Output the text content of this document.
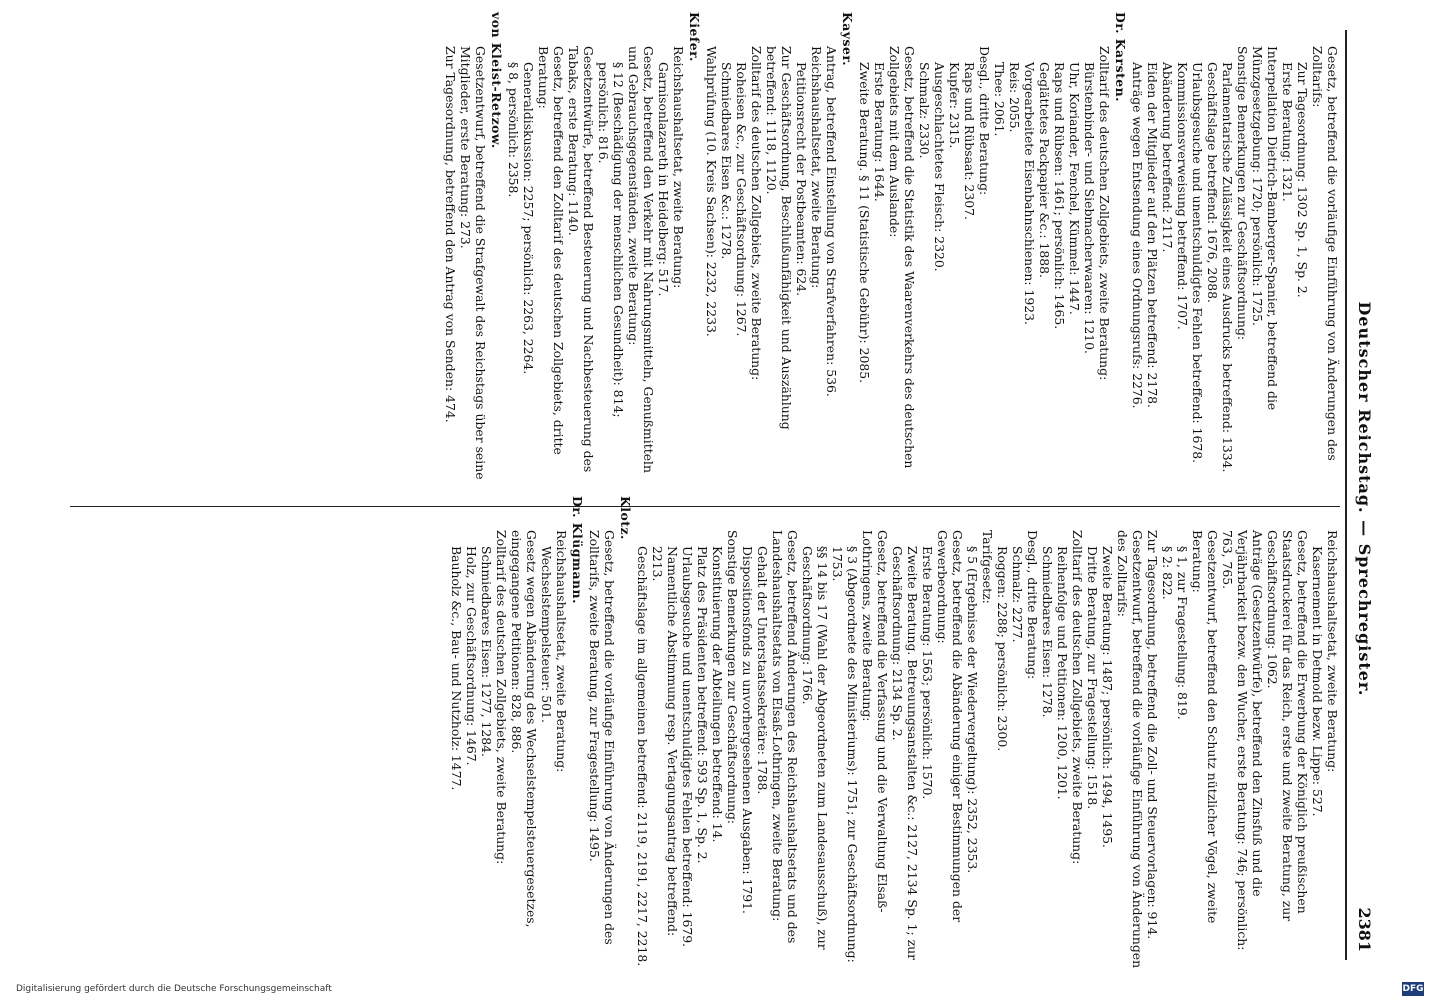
Deutscher Reichstag. — Sprechregister.
2381
Gesetz, betreffend die vorläufige Einführung von Änderungen des Zolltarifs:
Zur Tagesordnung: 1302 Sp. 1, Sp. 2.
Erste Beratung: 1321.
Interpellation Dietrich-Bamberger-Spanier, betreffend die Münzgesetzgebung: 1720; persönlich: 1725.
Sonstige Bemerkungen zur Geschäftsordnung:
Parlamentarische Zulässigkeit eines Ausdrucks betreffend: 1334.
Geschäftslage betreffend: 1676, 2088.
Urlaubsgesuche und unentschuldigtes Fehlen betreffend: 1678.
Kommissionsverweisung betreffend: 1707.
Abänderung betreffend: 2117.
Eiden der Mitglieder auf den Plätzen betreffend: 2178.
Anträge wegen Entsendung eines Ordnungsrufs: 2276.
Dr. Karsten.
Zolltarif des deutschen Zollgebiets, zweite Beratung:
Bürstenbinder- und Siebmacherwaaren: 1210.
Uhr, Koriander, Fenchel, Kümmel: 1447.
Raps und Rübsen: 1461; persönlich: 1465.
Geglättetes Packpapier &c.: 1888.
Vorgearbeitete Eisenbahnschienen: 1923.
Reis: 2055.
Thee: 2061.
Desgl., dritte Beratung:
Raps und Rübsaat: 2307.
Kupfer: 2315.
Ausgeschlachtetes Fleisch: 2320.
Schmalz: 2330.
Gesetz, betreffend die Statistik des Waarenverkehrs des deutschen Zollgebiets mit dem Auslande:
Erste Beratung: 1644.
Zweite Beratung. § 11 (Statistische Gebühr): 2085.
Kayser.
Antrag, betreffend Einstellung von Strafverfahren: 536.
Reichshaushaltsetat, zweite Beratung:
Petitionsrecht der Postbeamten: 624.
Zur Geschäftsordnung, Beschlußunfähigkeit und Auszählung betreffend: 1118, 1120.
Zolltarif des deutschen Zollgebiets, zweite Beratung:
Roheisen &c., zur Geschäftsordnung: 1267.
Schmiedbares Eisen &c.: 1278.
Wahlprüfung (10. Kreis Sachsen): 2232, 2233.
Kiefer.
Reichshaushaltsetat, zweite Beratung:
Garnisonlazareth in Heidelberg: 517.
Gesetz, betreffend den Verkehr mit Nahrungsmitteln, Genußmitteln und Gebrauchsgegenständen, zweite Beratung:
§ 12 (Beschädigung der menschlichen Gesundheit): 814; persönlich: 816.
Gesetzentwürfe, betreffend Besteuerung und Nachbesteuerung des Tabaks, erste Beratung: 1140.
Gesetz, betreffend den Zolltarif des deutschen Zollgebiets, dritte Beratung:
Generaldiskussion: 2257; persönlich: 2263, 2264.
§ 8, persönlich: 2358.
von Kleist-Retzow.
Gesetzentwurf, betreffend die Strafgewalt des Reichstags über seine Mitglieder, erste Beratung: 273.
Zur Tagesordnung, betreffend den Antrag von Senden: 474.
Reichshaushaltsetat, zweite Beratung:
Kasernement in Detmold bezw. Lippe: 527.
Gesetz, betreffend die Erwerbung der Königlich preußischen Staatsdruckerei für das Reich, erste und zweite Beratung, zur Geschäftsordnung: 1062.
Anträge (Gesetzentwürfe), betreffend den Zinsfuß und die Verjährbarkeit bezw. den Wucher, erste Beratung: 746; persönlich: 763, 765.
Gesetzentwurf, betreffend den Schutz nützlicher Vögel, zweite Beratung:
§ 1, zur Fragestellung: 819.
§ 2: 822.
Zur Tagesordnung, betreffend die Zoll- und Steuervorlagen: 914.
Gesetzentwurf, betreffend die vorläufige Einführung von Änderungen des Zolltarifs:
Zweite Beratung: 1487; persönlich: 1494, 1495.
Dritte Beratung, zur Fragestellung: 1518.
Zolltarif des deutschen Zollgebiets, zweite Beratung:
Reihenfolge und Petitionen: 1200, 1201.
Schmiedbares Eisen: 1278.
Desgl., dritte Beratung:
Schmalz: 2277.
Roggen: 2288; persönlich: 2300.
Tarifgesetz:
§ 5 (Ergebnisse der Wiedervergeltung): 2352, 2353.
Gesetz, betreffend die Abänderung einiger Bestimmungen der Gewerbeordnung:
Erste Beratung: 1563; persönlich: 1570.
Zweite Beratung. Betreuungsanstalten &c.: 2127, 2134 Sp. 1; zur Geschäftsordnung: 2134 Sp. 2.
Gesetz, betreffend die Verfassung und die Verwaltung Elsaß-Lothringens, zweite Beratung:
§ 3 (Abgeordnete des Ministeriums): 1751; zur Geschäftsordnung: 1753.
§§ 14 bis 17 (Wahl der Abgeordneten zum Landesausschuß), zur Geschäftsordnung: 1766.
Gesetz, betreffend Änderungen des Reichshaushaltsetats und des Landeshaushaltsetats von Elsaß-Lothringen, zweite Beratung:
Gehalt der Unterstaatssekretäre: 1788.
Dispositionsfonds zu unvorhergesehenen Ausgaben: 1791.
Sonstige Bemerkungen zur Geschäftsordnung:
Konstituierung der Abteilungen betreffend: 14.
Platz des Präsidenten betreffend: 593 Sp. 1, Sp. 2.
Urlaubsgesuche und unentschuldigtes Fehlen betreffend: 1679.
Namentliche Abstimmung resp. Vertagungsantrag betreffend: 2213.
Geschäftslage im allgemeinen betreffend: 2119, 2191, 2217, 2218.
Klotz.
Gesetz, betreffend die vorläufige Einführung von Änderungen des Zolltarifs, zweite Beratung, zur Fragestellung: 1495.
Dr. Klügmann.
Reichshaushaltsetat, zweite Beratung:
Wechselstempelsteuer: 501.
Gesetz wegen Abänderung des Wechselstempelsteuergesetzes, eingegangene Petitionen: 828, 886.
Zolltarif des deutschen Zollgebiets, zweite Beratung:
Schmiedbares Eisen: 1277, 1284.
Holz, zur Geschäftsordnung: 1467.
Bauholz &c., Bau- und Nutzholz: 1477.
Digitalisierung gefördert durch die Deutsche Forschungsgemeinschaft	DFG
